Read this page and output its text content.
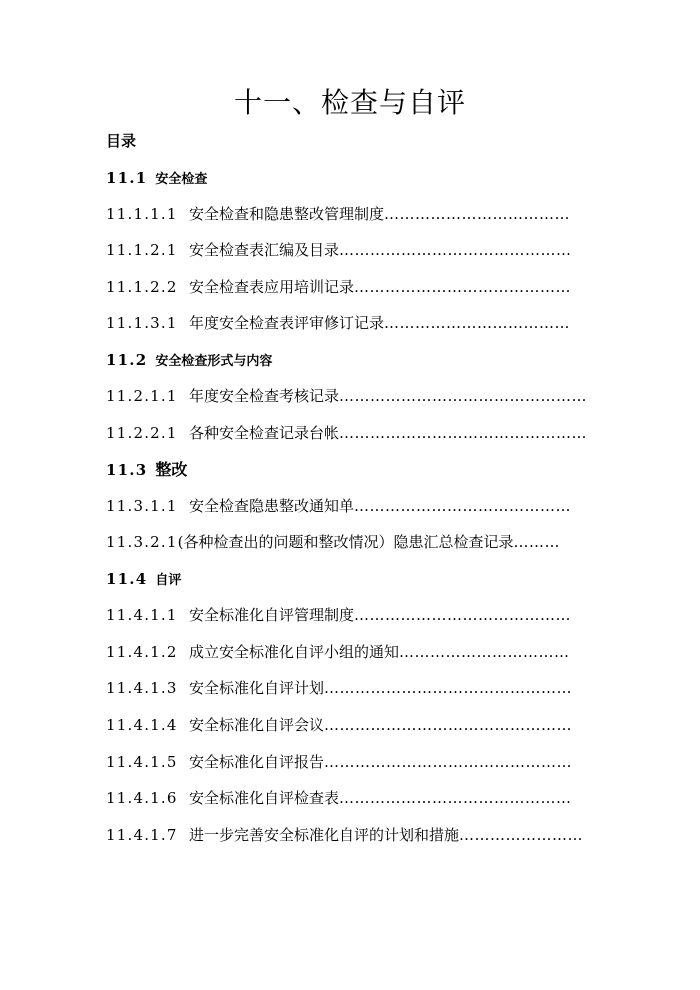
十一、检查与自评
目录
11.1 安全检查
11.1.1.1 安全检查和隐患整改管理制度………………………………
11.1.2.1 安全检查表汇编及目录………………………………………
11.1.2.2 安全检查表应用培训记录……………………………………
11.1.3.1 年度安全检查表评审修订记录………………………………
11.2 安全检查形式与内容
11.2.1.1 年度安全检查考核记录…………………………………………
11.2.2.1 各种安全检查记录台帐…………………………………………
11.3 整改
11.3.1.1 安全检查隐患整改通知单……………………………………
11.3.2.1(各种检查出的问题和整改情况）隐患汇总检查记录………
11.4 自评
11.4.1.1 安全标准化自评管理制度……………………………………
11.4.1.2 成立安全标准化自评小组的通知……………………………
11.4.1.3 安全标准化自评计划…………………………………………
11.4.1.4 安全标准化自评会议…………………………………………
11.4.1.5 安全标准化自评报告…………………………………………
11.4.1.6 安全标准化自评检查表………………………………………
11.4.1.7 进一步完善安全标准化自评的计划和措施……………………
